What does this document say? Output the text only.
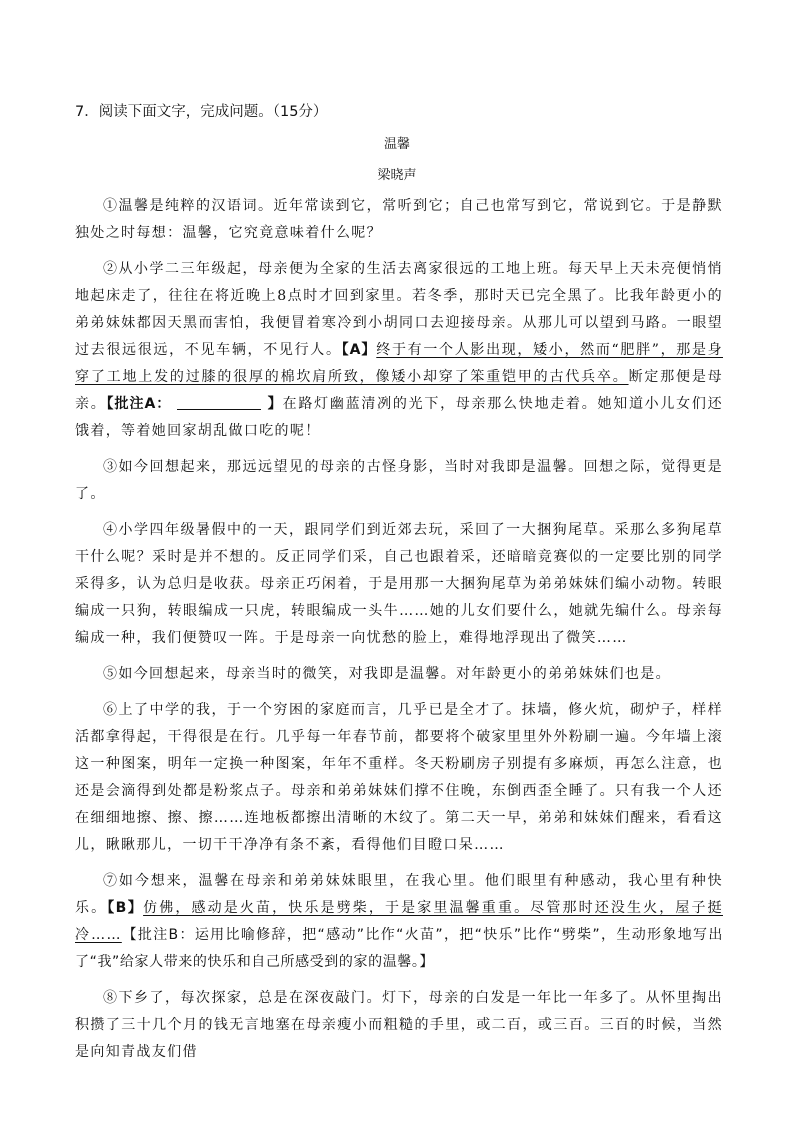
7．阅读下面文字，完成问题。（15分）
温馨
梁晓声

①温馨是纯粹的汉语词。近年常读到它，常听到它；自己也常写到它，常说到它。于是静默独处之时每想：温馨，它究竟意味着什么呢？

②从小学二三年级起，母亲便为全家的生活去离家很远的工地上班。每天早上天未亮便悄悄地起床走了，往往在将近晚上8点时才回到家里。若冬季，那时天已完全黑了。比我年龄更小的弟弟妹妹都因天黑而害怕，我便冒着寒冷到小胡同口去迎接母亲。从那儿可以望到马路。一眼望过去很远很远，不见车辆，不见行人。【A】终于有一个人影出现，矮小，然而“肥胖”，那是身穿了工地上发的过膝的很厚的棉坎肩所致，像矮小却穿了笨重铠甲的古代兵卒。断定那便是母亲。【批注A：	】在路灯幽蓝清冽的光下，母亲那么快地走着。她知道小儿女们还饿着，等着她回家胡乱做口吃的呢！

③如今回想起来，那远远望见的母亲的古怪身影，当时对我即是温馨。回想之际，觉得更是了。

④小学四年级暑假中的一天，跟同学们到近郊去玩，采回了一大捆狗尾草。采那么多狗尾草干什么呢？采时是并不想的。反正同学们采，自己也跟着采，还暗暗竞赛似的一定要比别的同学采得多，认为总归是收获。母亲正巧闲着，于是用那一大捆狗尾草为弟弟妹妹们编小动物。转眼编成一只狗，转眼编成一只虎，转眼编成一头牛……她的儿女们要什么，她就先编什么。母亲每编成一种，我们便赞叹一阵。于是母亲一向忧愁的脸上，难得地浮现出了微笑……

⑤如今回想起来，母亲当时的微笑，对我即是温馨。对年龄更小的弟弟妹妹们也是。

⑥上了中学的我，于一个穷困的家庭而言，几乎已是全才了。抹墙，修火炕，砌炉子，样样活都拿得起，干得很是在行。几乎每一年春节前，都要将个破家里里外外粉刷一遍。今年墙上滚这一种图案，明年一定换一种图案，年年不重样。冬天粉刷房子别提有多麻烦，再怎么注意，也还是会滴得到处都是粉浆点子。母亲和弟弟妹妹们撑不住晚，东倒西歪全睡了。只有我一个人还在细细地擦、擦、擦……连地板都擦出清晰的木纹了。第二天一早，弟弟和妹妹们醒来，看看这儿，瞅瞅那儿，一切干干净净有条不紊，看得他们目瞪口呆……

⑦如今想来，温馨在母亲和弟弟妹妹眼里，在我心里。他们眼里有种感动，我心里有种快乐。【B】仿佛，感动是火苗，快乐是劈柴，于是家里温馨重重。尽管那时还没生火，屋子挺冷……【批注B：运用比喻修辞，把“感动”比作“火苗”，把“快乐”比作“劈柴”，生动形象地写出了“我”给家人带来的快乐和自己所感受到的家的温馨。】

⑧下乡了，每次探家，总是在深夜敲门。灯下，母亲的白发是一年比一年多了。从怀里掏出积攒了三十几个月的钱无言地塞在母亲瘦小而粗糙的手里，或二百，或三百。三百的时候，当然是向知青战友们借
